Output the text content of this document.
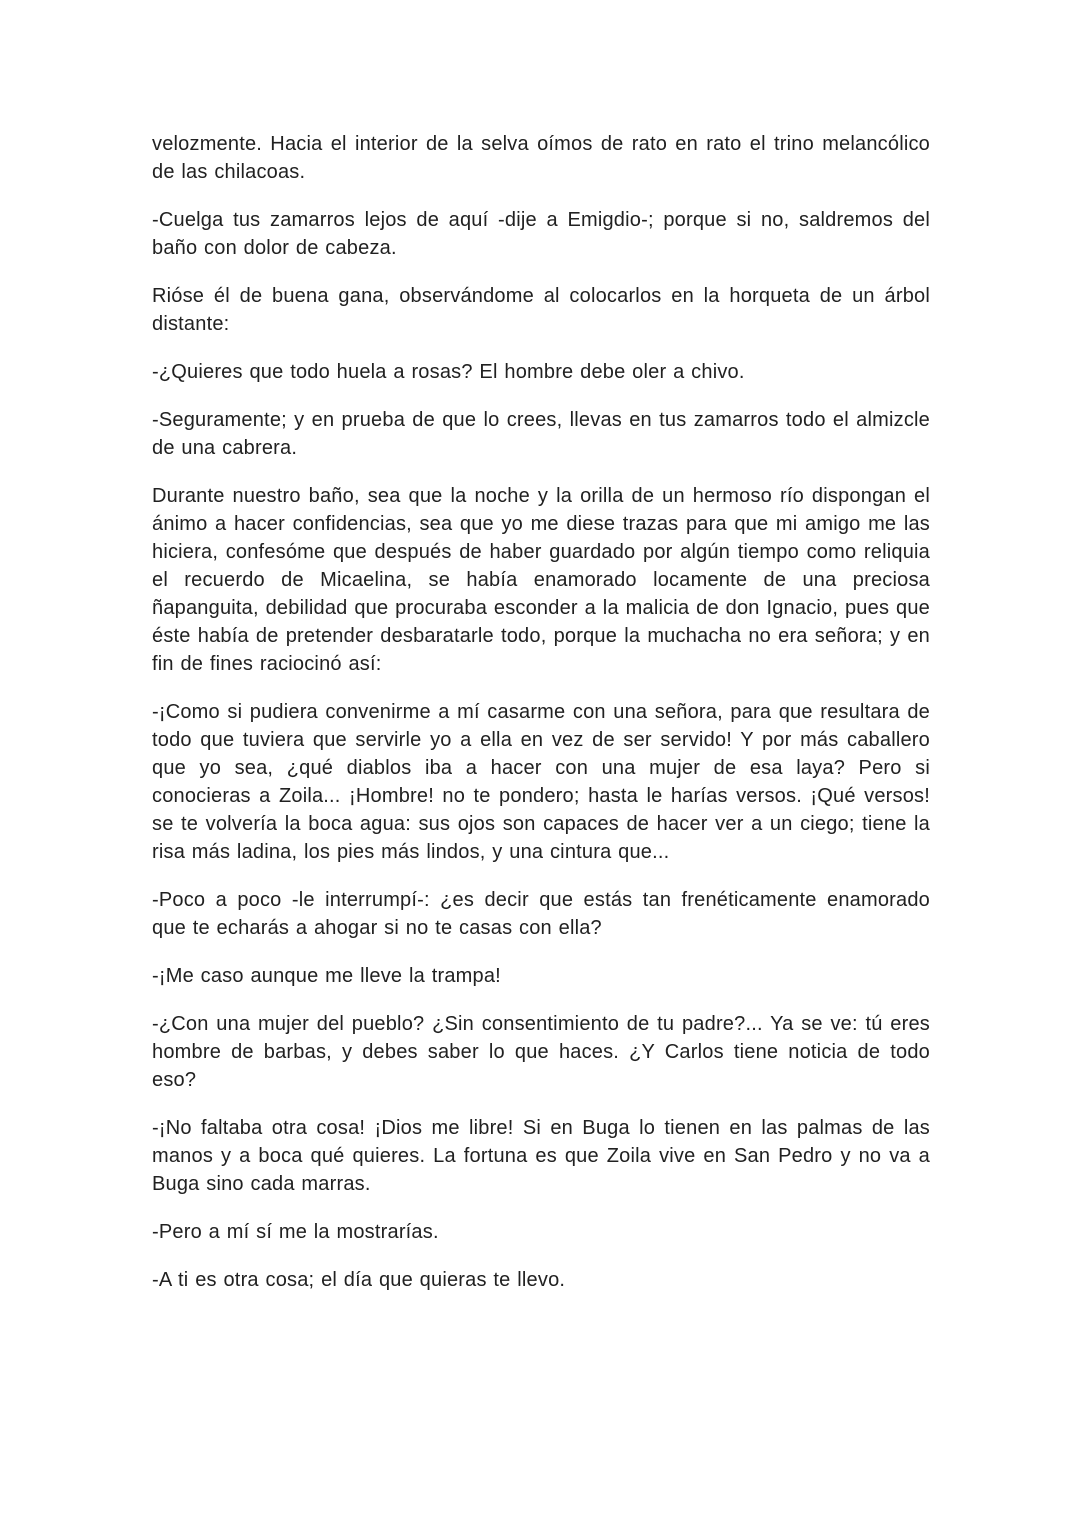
velozmente. Hacia el interior de la selva oímos de rato en rato el trino melancólico de las chilacoas.

-Cuelga tus zamarros lejos de aquí -dije a Emigdio-; porque si no, saldremos del baño con dolor de cabeza.

Rióse él de buena gana, observándome al colocarlos en la horqueta de un árbol distante:

-¿Quieres que todo huela a rosas? El hombre debe oler a chivo.

-Seguramente; y en prueba de que lo crees, llevas en tus zamarros todo el almizcle de una cabrera.

Durante nuestro baño, sea que la noche y la orilla de un hermoso río dispongan el ánimo a hacer confidencias, sea que yo me diese trazas para que mi amigo me las hiciera, confesóme que después de haber guardado por algún tiempo como reliquia el recuerdo de Micaelina, se había enamorado locamente de una preciosa ñapanguita, debilidad que procuraba esconder a la malicia de don Ignacio, pues que éste había de pretender desbaratarle todo, porque la muchacha no era señora; y en fin de fines raciocinó así:

-¡Como si pudiera convenirme a mí casarme con una señora, para que resultara de todo que tuviera que servirle yo a ella en vez de ser servido! Y por más caballero que yo sea, ¿qué diablos iba a hacer con una mujer de esa laya? Pero si conocieras a Zoila... ¡Hombre! no te pondero; hasta le harías versos. ¡Qué versos! se te volvería la boca agua: sus ojos son capaces de hacer ver a un ciego; tiene la risa más ladina, los pies más lindos, y una cintura que...

-Poco a poco -le interrumpí-: ¿es decir que estás tan frenéticamente enamorado que te echarás a ahogar si no te casas con ella?

-¡Me caso aunque me lleve la trampa!

-¿Con una mujer del pueblo? ¿Sin consentimiento de tu padre?... Ya se ve: tú eres hombre de barbas, y debes saber lo que haces. ¿Y Carlos tiene noticia de todo eso?

-¡No faltaba otra cosa! ¡Dios me libre! Si en Buga lo tienen en las palmas de las manos y a boca qué quieres. La fortuna es que Zoila vive en San Pedro y no va a Buga sino cada marras.

-Pero a mí sí me la mostrarías.

-A ti es otra cosa; el día que quieras te llevo.
